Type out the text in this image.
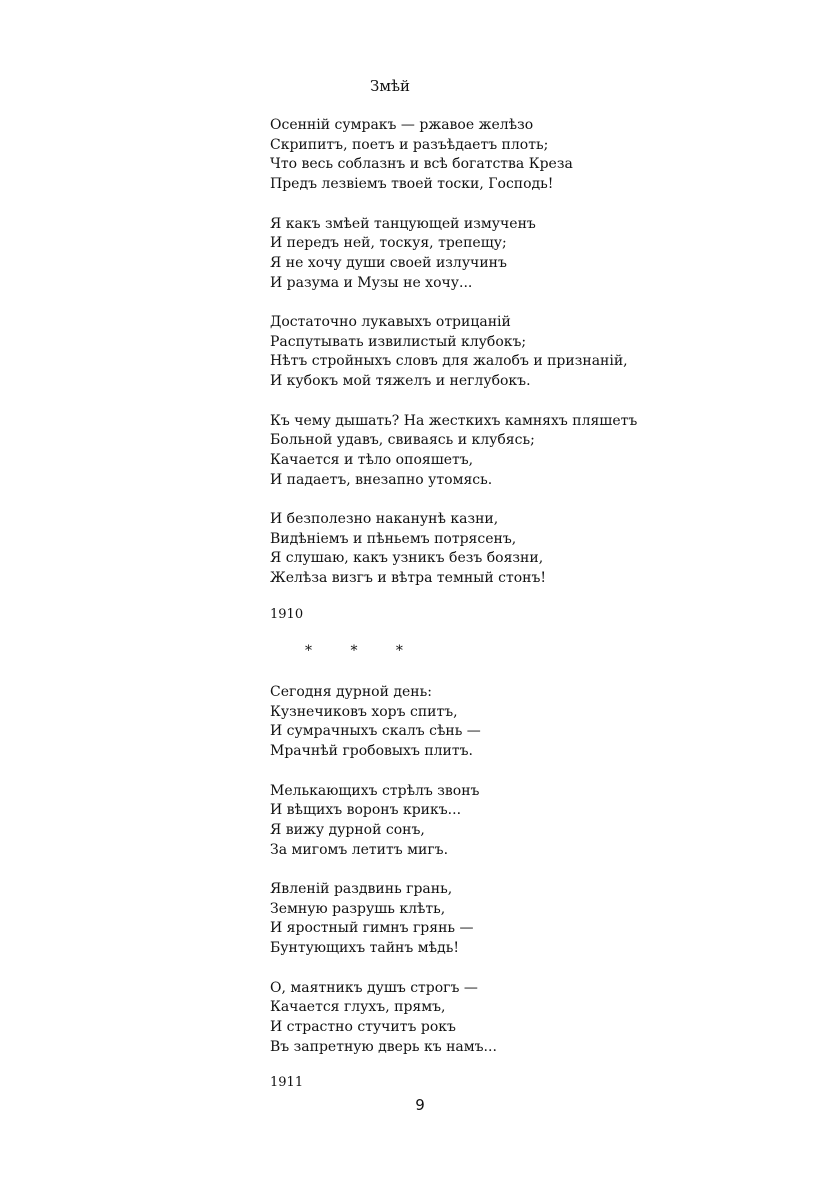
Змѣй
Осенній сумракъ — ржавое желѣзо
Скрипитъ, поетъ и разъѣдаетъ плоть;
Что весь соблазнъ и всѣ богатства Креза
Предъ лезвіемъ твоей тоски, Господь!
Я какъ змѣей танцующей измученъ
И передъ ней, тоскуя, трепещу;
Я не хочу души своей излучинъ
И разума и Музы не хочу...
Достаточно лукавыхъ отрицаній
Распутывать извилистый клубокъ;
Нѣтъ стройныхъ словъ для жалобъ и признаній,
И кубокъ мой тяжелъ и неглубокъ.
Къ чему дышать? На жесткихъ камняхъ пляшетъ
Больной удавъ, свиваясь и клубясь;
Качается и тѣло опояшетъ,
И падаетъ, внезапно утомясь.
И безполезно наканунѣ казни,
Видѣніемъ и пѣньемъ потрясенъ,
Я слушаю, какъ узникъ безъ боязни,
Желѣза визгъ и вѣтра темный стонъ!
1910
* * *
Сегодня дурной день:
Кузнечиковъ хоръ спитъ,
И сумрачныхъ скалъ сѣнь —
Мрачнѣй гробовыхъ плитъ.
Мелькающихъ стрѣлъ звонъ
И вѣщихъ воронъ крикъ...
Я вижу дурной сонъ,
За мигомъ летитъ мигъ.
Явленій раздвинь грань,
Земную разрушь клѣть,
И яростный гимнъ грянь —
Бунтующихъ тайнъ мѣдь!
О, маятникъ душъ строгъ —
Качается глухъ, прямъ,
И страстно стучитъ рокъ
Въ запретную дверь къ намъ...
1911
9
